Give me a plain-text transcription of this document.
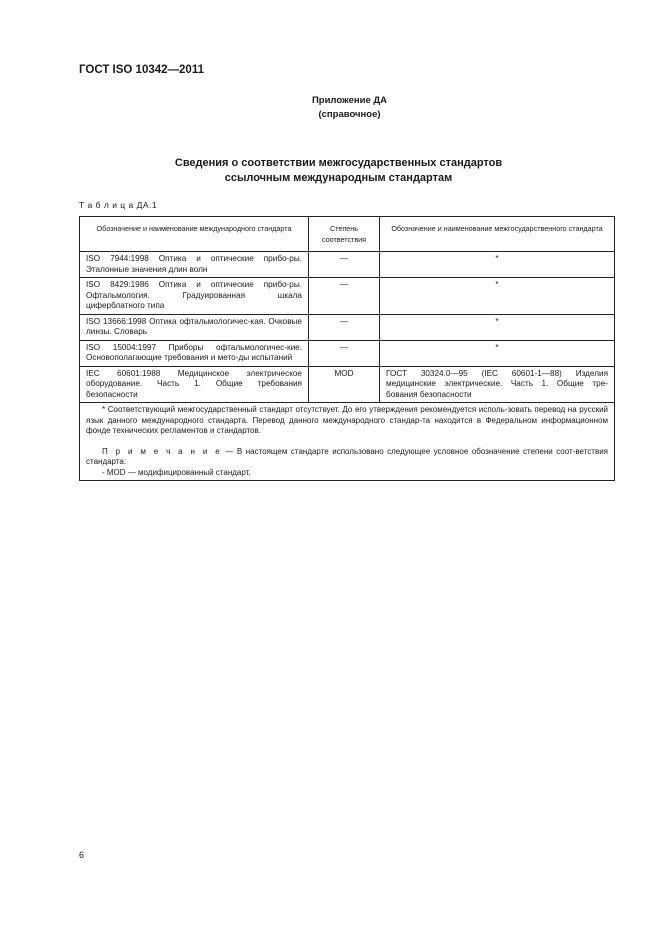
ГОСТ ISO 10342—2011
Приложение ДА
(справочное)
Сведения о соответствии межгосударственных стандартов
ссылочным международным стандартам
Т а б л и ц а ДА.1
Обозначение и наименование международного стандарта	Степень соответствия	Обозначение и наименование межгосударственного стандарта
ISO 7944:1998 Оптика и оптические прибо-ры. Эталонные значения длин волн	—	*
ISO 8429:1986 Оптика и оптические прибо-ры. Офтальмология. Градуированная шкала циферблатного типа	—	*
ISO 13666:1998 Оптика офтальмологичес-кая. Очковые линзы. Словарь	—	*
ISO 15004:1997 Приборы офтальмологичес-кие. Основополагающие требования и мето-ды испытаний	—	*
IEC 60601:1988 Медицинское электрическое оборудование. Часть 1. Общие требования безопасности	MOD	ГОСТ 30324.0—95 (IEC 60601-1—88) Изделия медицинские электрические. Часть 1. Общие тре-бования безопасности

* Соответствующий межгосударственный стандарт отсутствует. До его утверждения рекомендуется исполь-зовать перевод на русский язык данного международного стандарта. Перевод данного международного стандар-та находится в Федеральном информационном фонде технических регламентов и стандартов.

П р и м е ч а н и е — В настоящем стандарте использовано следующее условное обозначение степени соот-ветствия стандарта:

- MOD — модифицированный стандарт.		

6
